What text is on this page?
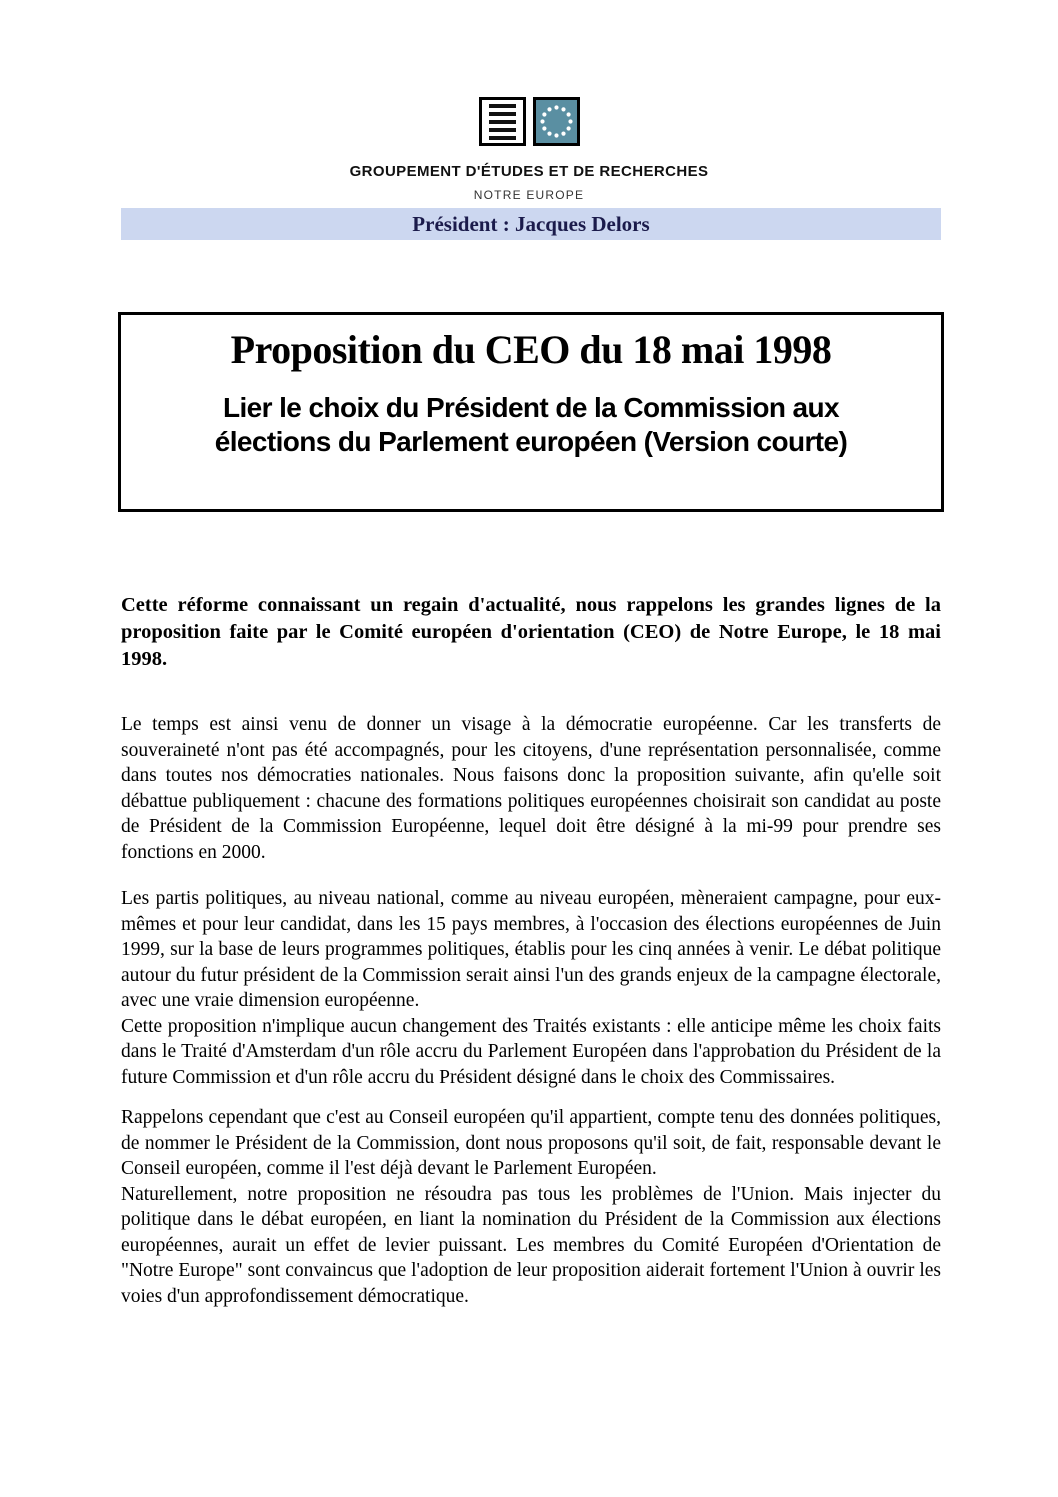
GROUPEMENT D'ÉTUDES ET DE RECHERCHES
NOTRE EUROPE
Président : Jacques Delors
Proposition du CEO du 18 mai 1998
Lier le choix du Président de la Commission aux
élections du Parlement européen (Version courte)

Cette réforme connaissant un regain d'actualité, nous rappelons les grandes lignes de la proposition faite par le Comité européen d'orientation (CEO) de Notre Europe, le 18 mai 1998.

Le temps est ainsi venu de donner un visage à la démocratie européenne. Car les transferts de souveraineté n'ont pas été accompagnés, pour les citoyens, d'une représentation personnalisée, comme dans toutes nos démocraties nationales. Nous faisons donc la proposition suivante, afin qu'elle soit débattue publiquement : chacune des formations politiques européennes choisirait son candidat au poste de Président de la Commission Européenne, lequel doit être désigné à la mi-99 pour prendre ses fonctions en 2000.

Les partis politiques, au niveau national, comme au niveau européen, mèneraient campagne, pour eux-mêmes et pour leur candidat, dans les 15 pays membres, à l'occasion des élections européennes de Juin 1999, sur la base de leurs programmes politiques, établis pour les cinq années à venir. Le débat politique autour du futur président de la Commission serait ainsi l'un des grands enjeux de la campagne électorale, avec une vraie dimension européenne.

Cette proposition n'implique aucun changement des Traités existants : elle anticipe même les choix faits dans le Traité d'Amsterdam d'un rôle accru du Parlement Européen dans l'approbation du Président de la future Commission et d'un rôle accru du Président désigné dans le choix des Commissaires.

Rappelons cependant que c'est au Conseil européen qu'il appartient, compte tenu des données politiques, de nommer le Président de la Commission, dont nous proposons qu'il soit, de fait, responsable devant le Conseil européen, comme il l'est déjà devant le Parlement Européen.

Naturellement, notre proposition ne résoudra pas tous les problèmes de l'Union. Mais injecter du politique dans le débat européen, en liant la nomination du Président de la Commission aux élections européennes, aurait un effet de levier puissant. Les membres du Comité Européen d'Orientation de "Notre Europe" sont convaincus que l'adoption de leur proposition aiderait fortement l'Union à ouvrir les voies d'un approfondissement démocratique.
